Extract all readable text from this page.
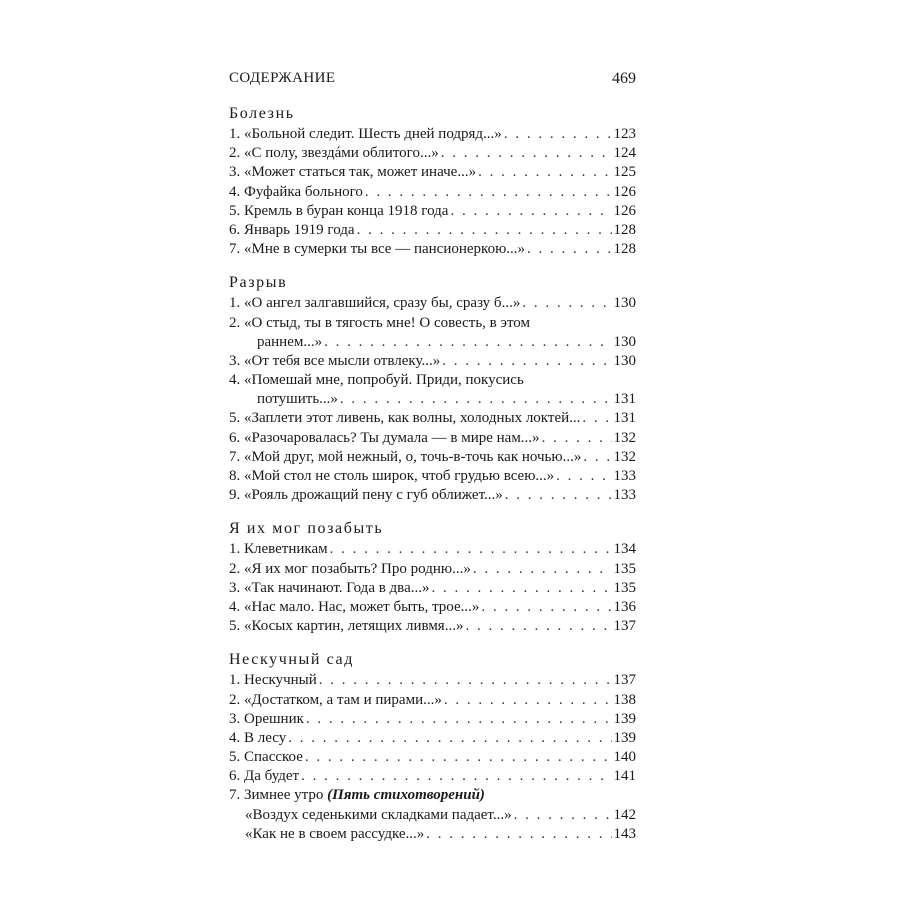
СОДЕРЖАНИЕ	469
Болезнь
1. «Больной следит. Шесть дней подряд...» . . .	123
2. «С полу, звездáми облитого...» . . .	124
3. «Может статься так, может иначе...» . . .	125
4. Фуфайка больного . . .	126
5. Кремль в буран конца 1918 года . . .	126
6. Январь 1919 года . . .	128
7. «Мне в сумерки ты все — пансионеркою...» . . .	128
Разрыв
1. «О ангел залгавшийся, сразу бы, сразу б...» . . .	130
2. «О стыд, ты в тягость мне! О совесть, в этом
раннем...» . . .	130
3. «От тебя все мысли отвлеку...» . . .	130
4. «Помешай мне, попробуй. Приди, покусись
потушить...» . . .	131
5. «Заплети этот ливень, как волны, холодных локтей... . . . 131
6. «Разочаровалась? Ты думала — в мире нам...» . . .	132
7. «Мой друг, мой нежный, о, точь-в-точь как ночью...» . . . 132
8. «Мой стол не столь широк, чтоб грудью всею...» . . .	133
9. «Рояль дрожащий пену с губ оближет...» . . .	133
Я их мог позабыть
1. Клеветникам . . .	134
2. «Я их мог позабыть? Про родню...» . . .	135
3. «Так начинают. Года в два...» . . .	135
4. «Нас мало. Нас, может быть, трое...» . . .	136
5. «Косых картин, летящих ливмя...» . . .	137
Нескучный сад
1. Нескучный . . .	137
2. «Достатком, а там и пирами...» . . .	138
3. Орешник . . .	139
4. В лесу . . .	139
5. Спасское . . .	140
6. Да будет . . .	141
7. Зимнее утро (Пять стихотворений)
«Воздух седенькими складками падает...» . . .	142
«Как не в своем рассудке...» . . .	143
